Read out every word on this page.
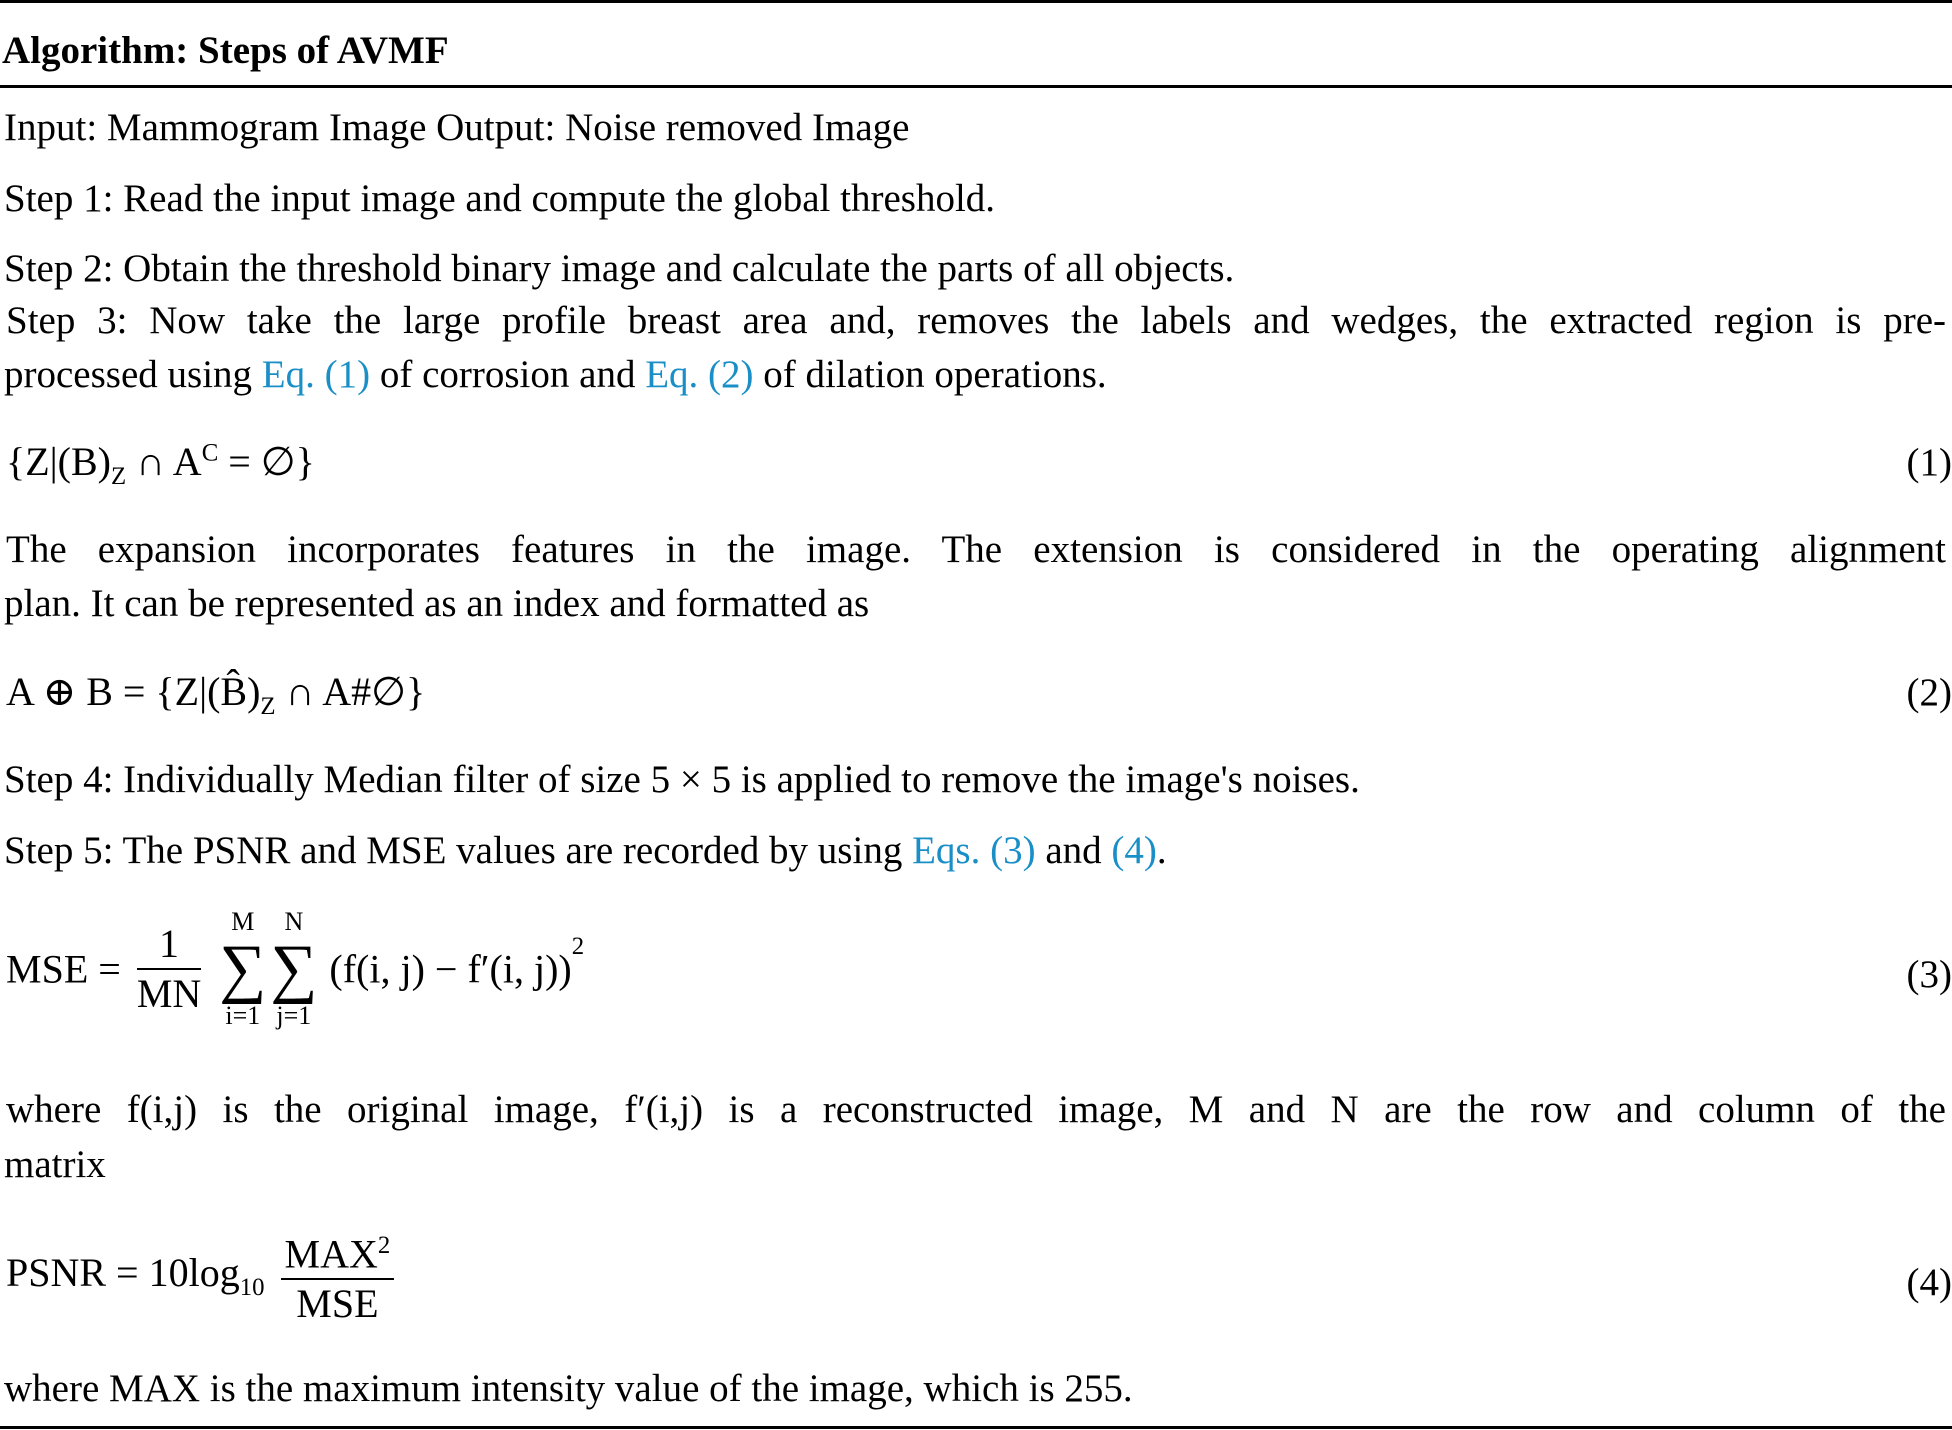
Algorithm: Steps of AVMF
Input: Mammogram Image Output: Noise removed Image
Step 1: Read the input image and compute the global threshold.
Step 2: Obtain the threshold binary image and calculate the parts of all objects.
Step 3: Now take the large profile breast area and, removes the labels and wedges, the extracted region is pre-
processed using Eq. (1) of corrosion and Eq. (2) of dilation operations.
{$Z|(B)_Z$ ∩ $A^C$ = ∅}	(1)
The expansion incorporates features in the image. The extension is considered in the operating alignment
plan. It can be represented as an index and formatted as
A ⊕ $B = \{Z|(B̂)_Z$ ∩ A#∅}	(2)
Step 4: Individually Median filter of size 5 × 5 is applied to remove the image's noises.
Step 5: The PSNR and MSE values are recorded by using Eqs. (3) and (4).
MSE = $\frac{1}{MN}$
	M
∑
i=1
N
∑
j=1
(f(i, j) − f′(i, j))$^2$
(3)
where f(i,j) is the original image, f′(i,j) is a reconstructed image, M and N are the row and column of the
matrix
PSNR = $10\log_{10} \frac{MAX^2}{\text{MSE}}$	(4)
where MAX is the maximum intensity value of the image, which is 255.
